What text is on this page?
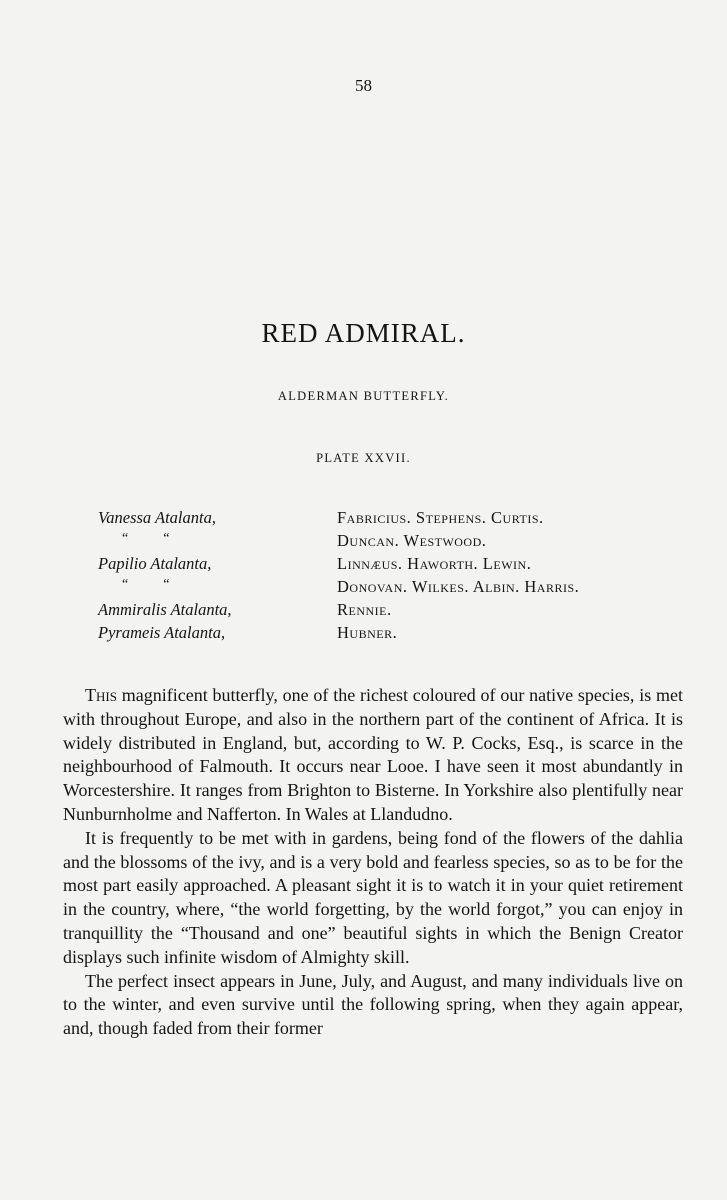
58
RED ADMIRAL.
ALDERMAN BUTTERFLY.
PLATE XXVII.
Vanessa Atalanta,	Fabricius. Stephens. Curtis.
“          “	Duncan. Westwood.
Papilio Atalanta,	Linnæus. Haworth. Lewin.
“          “	Donovan. Wilkes. Albin. Harris.
Ammiralis Atalanta,	Rennie.
Pyrameis Atalanta,	Hubner.

This magnificent butterfly, one of the richest coloured of our native species, is met with throughout Europe, and also in the northern part of the continent of Africa. It is widely distributed in England, but, according to W. P. Cocks, Esq., is scarce in the neighbourhood of Falmouth. It occurs near Looe. I have seen it most abundantly in Worcestershire. It ranges from Brighton to Bisterne. In Yorkshire also plentifully near Nunburnholme and Nafferton. In Wales at Llandudno.

It is frequently to be met with in gardens, being fond of the flowers of the dahlia and the blossoms of the ivy, and is a very bold and fearless species, so as to be for the most part easily approached. A pleasant sight it is to watch it in your quiet retirement in the country, where, “the world forgetting, by the world forgot,” you can enjoy in tranquillity the “Thousand and one” beautiful sights in which the Benign Creator displays such infinite wisdom of Almighty skill.

The perfect insect appears in June, July, and August, and many individuals live on to the winter, and even survive until the following spring, when they again appear, and, though faded from their former
